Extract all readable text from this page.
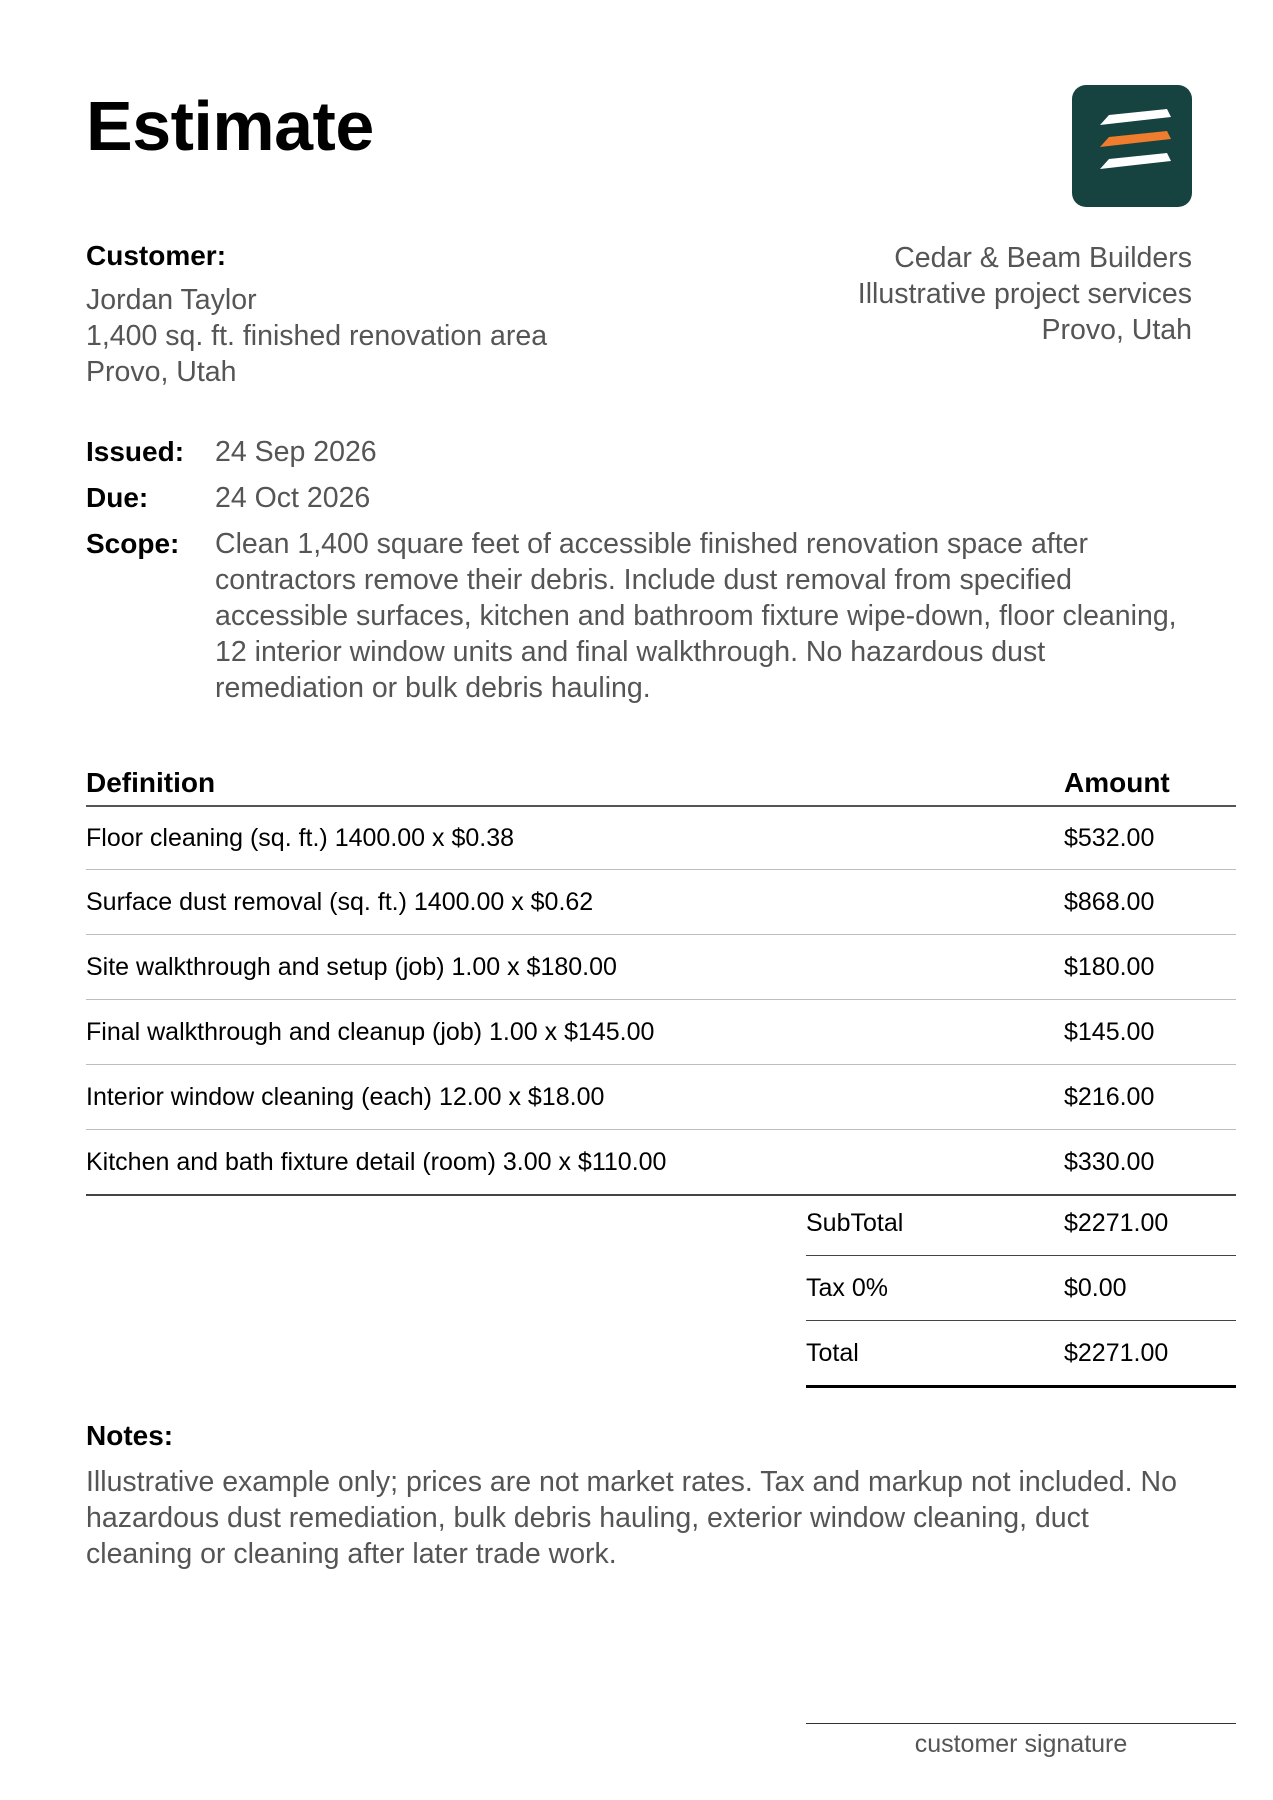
Estimate
Customer:
Jordan Taylor
1,400 sq. ft. finished renovation area
Provo, Utah
Cedar & Beam Builders
Illustrative project services
Provo, Utah
Issued:	24 Sep 2026
Due:	24 Oct 2026
Scope:	Clean 1,400 square feet of accessible finished renovation space after contractors remove their debris. Include dust removal from specified accessible surfaces, kitchen and bathroom fixture wipe-down, floor cleaning, 12 interior window units and final walkthrough. No hazardous dust remediation or bulk debris hauling.
Definition	Amount
Floor cleaning (sq. ft.) 1400.00 x $0.38	$532.00
Surface dust removal (sq. ft.) 1400.00 x $0.62	$868.00
Site walkthrough and setup (job) 1.00 x $180.00	$180.00
Final walkthrough and cleanup (job) 1.00 x $145.00	$145.00
Interior window cleaning (each) 12.00 x $18.00	$216.00
Kitchen and bath fixture detail (room) 3.00 x $110.00	$330.00
SubTotal	$2271.00
Tax 0%	$0.00
Total	$2271.00
Notes:
Illustrative example only; prices are not market rates. Tax and markup not included. No hazardous dust remediation, bulk debris hauling, exterior window cleaning, duct cleaning or cleaning after later trade work.
customer signature
